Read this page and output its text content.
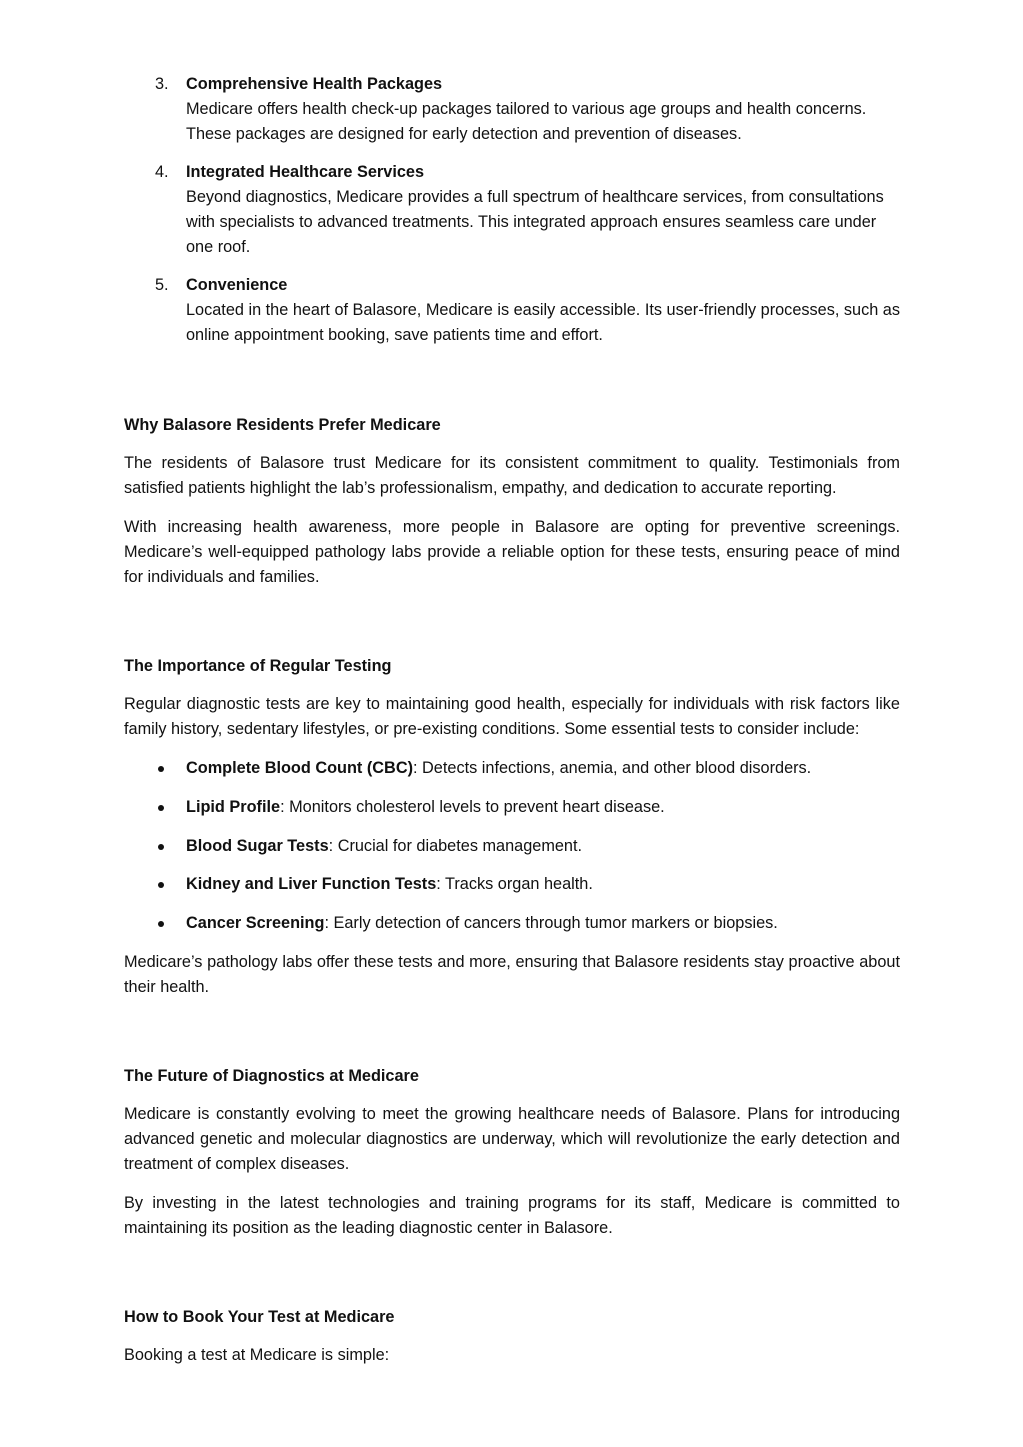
3. Comprehensive Health Packages
Medicare offers health check-up packages tailored to various age groups and health concerns. These packages are designed for early detection and prevention of diseases.
4. Integrated Healthcare Services
Beyond diagnostics, Medicare provides a full spectrum of healthcare services, from consultations with specialists to advanced treatments. This integrated approach ensures seamless care under one roof.
5. Convenience
Located in the heart of Balasore, Medicare is easily accessible. Its user-friendly processes, such as online appointment booking, save patients time and effort.
Why Balasore Residents Prefer Medicare

The residents of Balasore trust Medicare for its consistent commitment to quality. Testimonials from satisfied patients highlight the lab’s professionalism, empathy, and dedication to accurate reporting.

With increasing health awareness, more people in Balasore are opting for preventive screenings. Medicare’s well-equipped pathology labs provide a reliable option for these tests, ensuring peace of mind for individuals and families.

The Importance of Regular Testing

Regular diagnostic tests are key to maintaining good health, especially for individuals with risk factors like family history, sedentary lifestyles, or pre-existing conditions. Some essential tests to consider include:

Complete Blood Count (CBC): Detects infections, anemia, and other blood disorders.
Lipid Profile: Monitors cholesterol levels to prevent heart disease.
Blood Sugar Tests: Crucial for diabetes management.
Kidney and Liver Function Tests: Tracks organ health.
Cancer Screening: Early detection of cancers through tumor markers or biopsies.

Medicare’s pathology labs offer these tests and more, ensuring that Balasore residents stay proactive about their health.

The Future of Diagnostics at Medicare

Medicare is constantly evolving to meet the growing healthcare needs of Balasore. Plans for introducing advanced genetic and molecular diagnostics are underway, which will revolutionize the early detection and treatment of complex diseases.

By investing in the latest technologies and training programs for its staff, Medicare is committed to maintaining its position as the leading diagnostic center in Balasore.

How to Book Your Test at Medicare

Booking a test at Medicare is simple:
